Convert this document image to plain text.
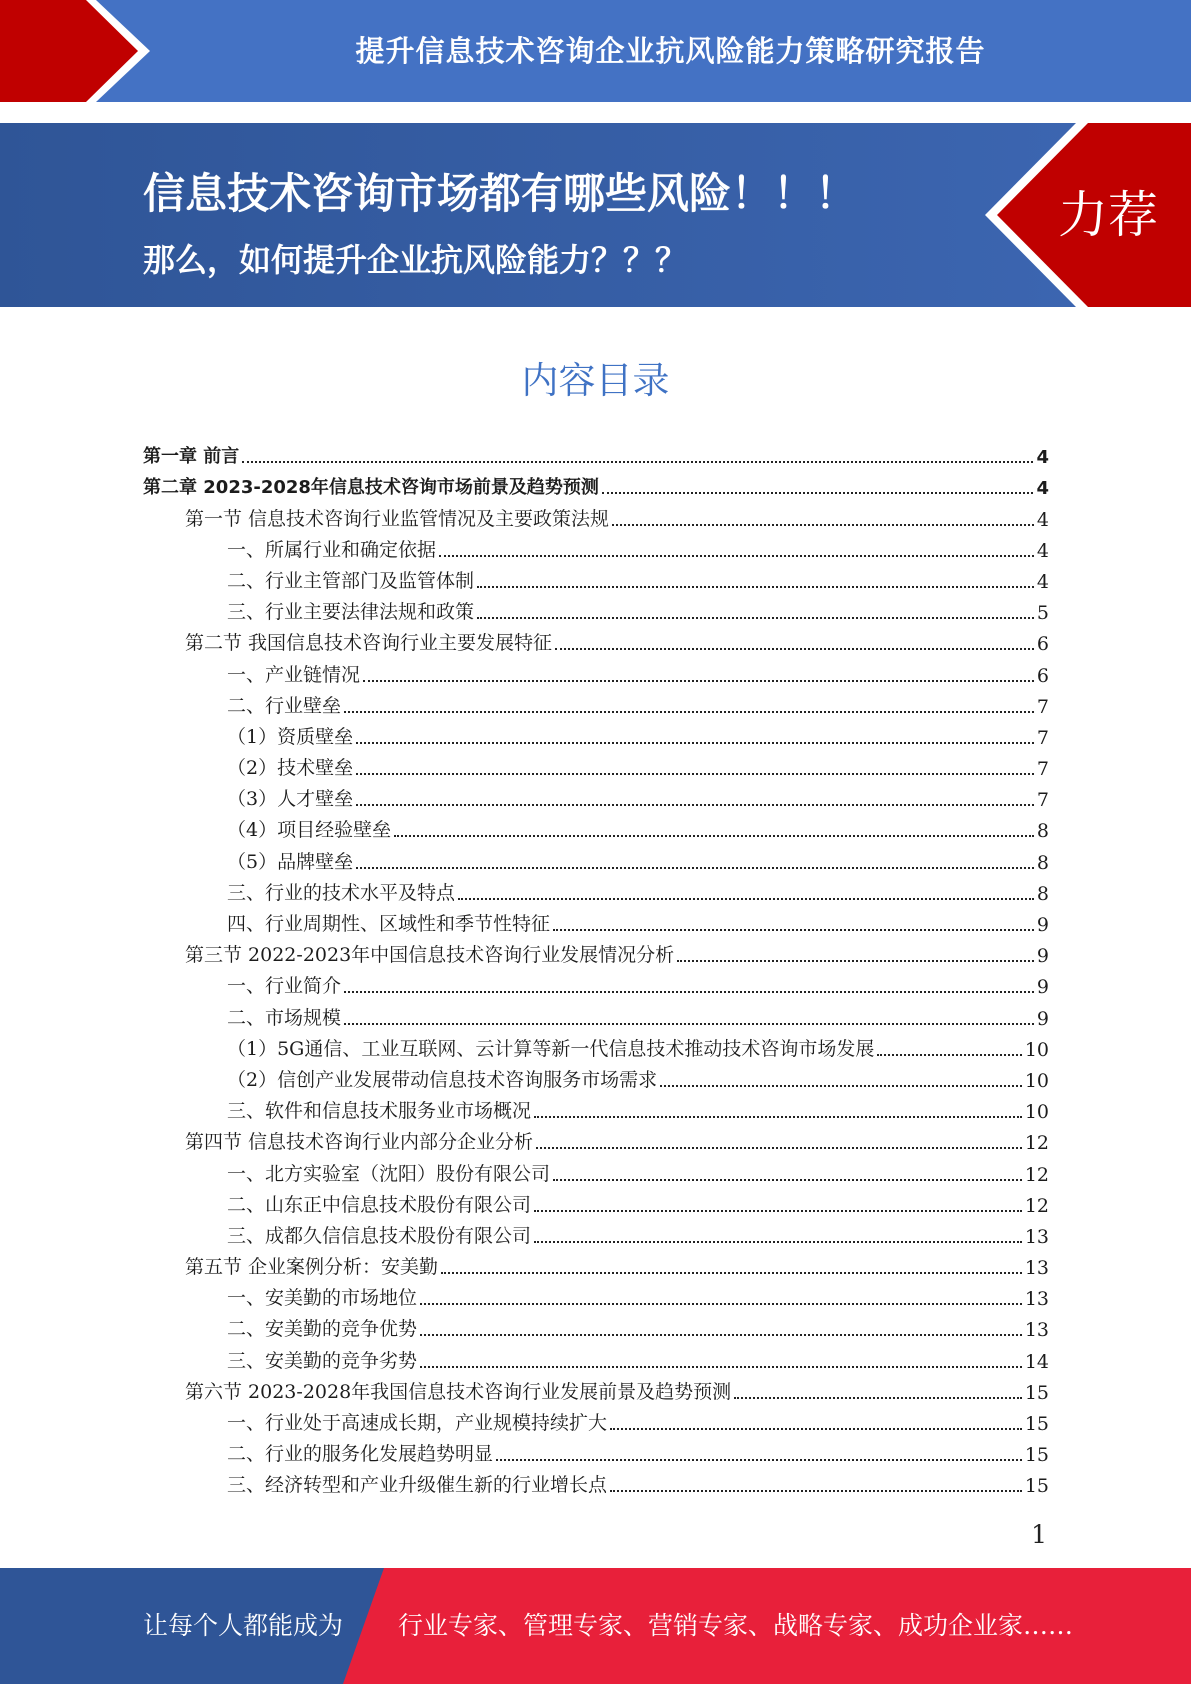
提升信息技术咨询企业抗风险能力策略研究报告
信息技术咨询市场都有哪些风险！！！
那么，如何提升企业抗风险能力？？？
力荐
内容目录
第一章 前言	4
第二章 2023-2028年信息技术咨询市场前景及趋势预测	4
第一节 信息技术咨询行业监管情况及主要政策法规	4
一、所属行业和确定依据	4
二、行业主管部门及监管体制	4
三、行业主要法律法规和政策	5
第二节 我国信息技术咨询行业主要发展特征	6
一、产业链情况	6
二、行业壁垒	7
（1）资质壁垒	7
（2）技术壁垒	7
（3）人才壁垒	7
（4）项目经验壁垒	8
（5）品牌壁垒	8
三、行业的技术水平及特点	8
四、行业周期性、区域性和季节性特征	9
第三节 2022-2023年中国信息技术咨询行业发展情况分析	9
一、行业简介	9
二、市场规模	9
（1）5G通信、工业互联网、云计算等新一代信息技术推动技术咨询市场发展	10
（2）信创产业发展带动信息技术咨询服务市场需求	10
三、软件和信息技术服务业市场概况	10
第四节 信息技术咨询行业内部分企业分析	12
一、北方实验室（沈阳）股份有限公司	12
二、山东正中信息技术股份有限公司	12
三、成都久信信息技术股份有限公司	13
第五节 企业案例分析：安美勤	13
一、安美勤的市场地位	13
二、安美勤的竞争优势	13
三、安美勤的竞争劣势	14
第六节 2023-2028年我国信息技术咨询行业发展前景及趋势预测	15
一、行业处于高速成长期，产业规模持续扩大	15
二、行业的服务化发展趋势明显	15
三、经济转型和产业升级催生新的行业增长点	15
1
让每个人都能成为 行业专家、管理专家、营销专家、战略专家、成功企业家……
